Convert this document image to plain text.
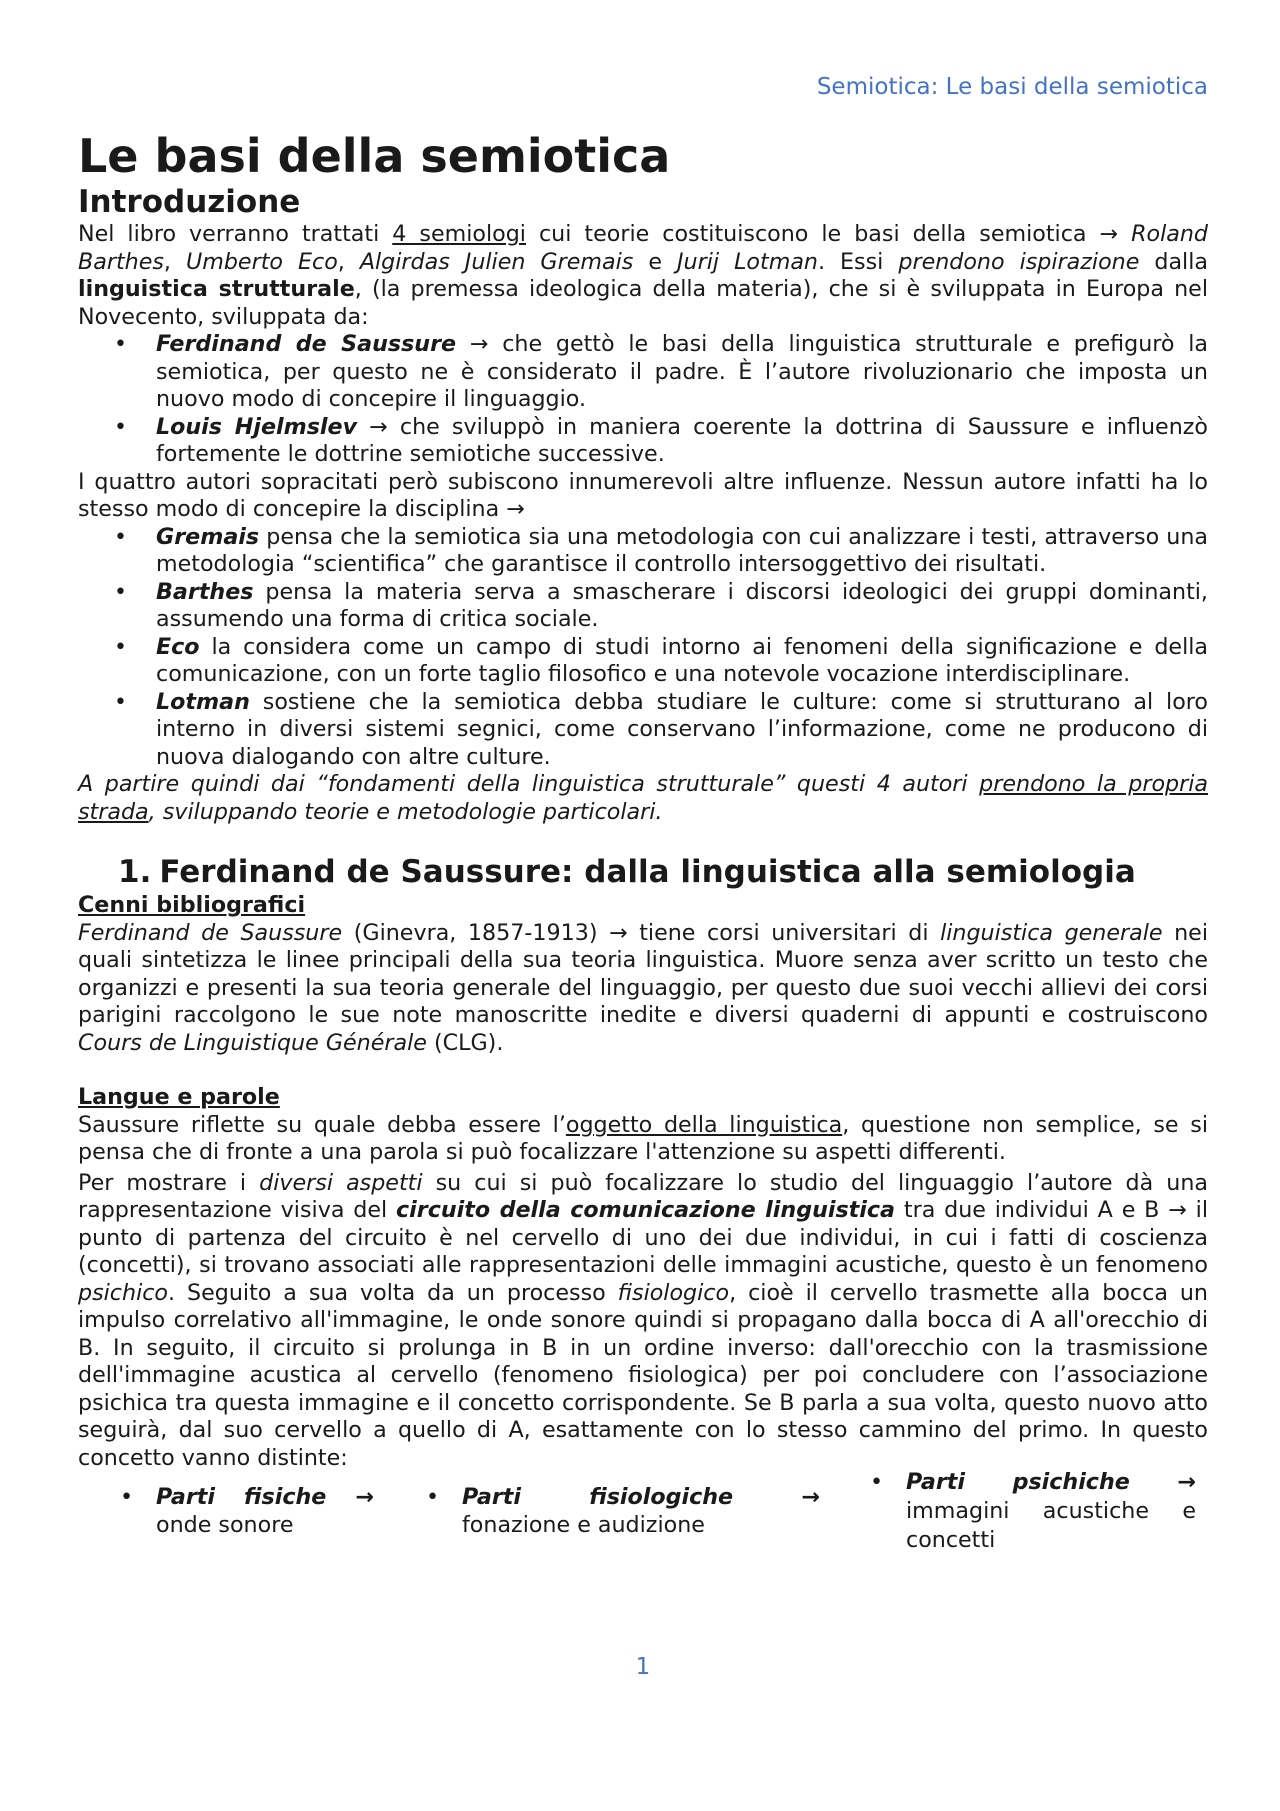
Semiotica: Le basi della semiotica
Le basi della semiotica
Introduzione

Nel libro verranno trattati 4 semiologi cui teorie costituiscono le basi della semiotica → Roland Barthes, Umberto Eco, Algirdas Julien Gremais e Jurij Lotman. Essi prendono ispirazione dalla linguistica strutturale, (la premessa ideologica della materia), che si è sviluppata in Europa nel Novecento, sviluppata da:

• Ferdinand de Saussure → che gettò le basi della linguistica strutturale e prefigurò la semiotica, per questo ne è considerato il padre. È l’autore rivoluzionario che imposta un nuovo modo di concepire il linguaggio.
• Louis Hjelmslev → che sviluppò in maniera coerente la dottrina di Saussure e influenzò fortemente le dottrine semiotiche successive.

I quattro autori sopracitati però subiscono innumerevoli altre influenze. Nessun autore infatti ha lo stesso modo di concepire la disciplina →

• Gremais pensa che la semiotica sia una metodologia con cui analizzare i testi, attraverso una metodologia “scientifica” che garantisce il controllo intersoggettivo dei risultati.
• Barthes pensa la materia serva a smascherare i discorsi ideologici dei gruppi dominanti, assumendo una forma di critica sociale.
• Eco la considera come un campo di studi intorno ai fenomeni della significazione e della comunicazione, con un forte taglio filosofico e una notevole vocazione interdisciplinare.
• Lotman sostiene che la semiotica debba studiare le culture: come si strutturano al loro interno in diversi sistemi segnici, come conservano l’informazione, come ne producono di nuova dialogando con altre culture.

A partire quindi dai “fondamenti della linguistica strutturale” questi 4 autori prendono la propria strada, sviluppando teorie e metodologie particolari.

1. Ferdinand de Saussure: dalla linguistica alla semiologia
Cenni bibliografici

Ferdinand de Saussure (Ginevra, 1857-1913) → tiene corsi universitari di linguistica generale nei quali sintetizza le linee principali della sua teoria linguistica. Muore senza aver scritto un testo che organizzi e presenti la sua teoria generale del linguaggio, per questo due suoi vecchi allievi dei corsi parigini raccolgono le sue note manoscritte inedite e diversi quaderni di appunti e costruiscono Cours de Linguistique Générale (CLG).

Langue e parole

Saussure riflette su quale debba essere l’oggetto della linguistica, questione non semplice, se si pensa che di fronte a una parola si può focalizzare l'attenzione su aspetti differenti.

Per mostrare i diversi aspetti su cui si può focalizzare lo studio del linguaggio l’autore dà una rappresentazione visiva del circuito della comunicazione linguistica tra due individui A e B → il punto di partenza del circuito è nel cervello di uno dei due individui, in cui i fatti di coscienza (concetti), si trovano associati alle rappresentazioni delle immagini acustiche, questo è un fenomeno psichico. Seguito a sua volta da un processo fisiologico, cioè il cervello trasmette alla bocca un impulso correlativo all'immagine, le onde sonore quindi si propagano dalla bocca di A all'orecchio di B. In seguito, il circuito si prolunga in B in un ordine inverso: dall'orecchio con la trasmissione dell'immagine acustica al cervello (fenomeno fisiologica) per poi concludere con l’associazione psichica tra questa immagine e il concetto corrispondente. Se B parla a sua volta, questo nuovo atto seguirà, dal suo cervello a quello di A, esattamente con lo stesso cammino del primo. In questo concetto vanno distinte:

• Parti fisiche →
onde sonore
• Parti	fisiologiche	→
fonazione e audizione
• Parti psichiche →
immagini acustiche e concetti
1
